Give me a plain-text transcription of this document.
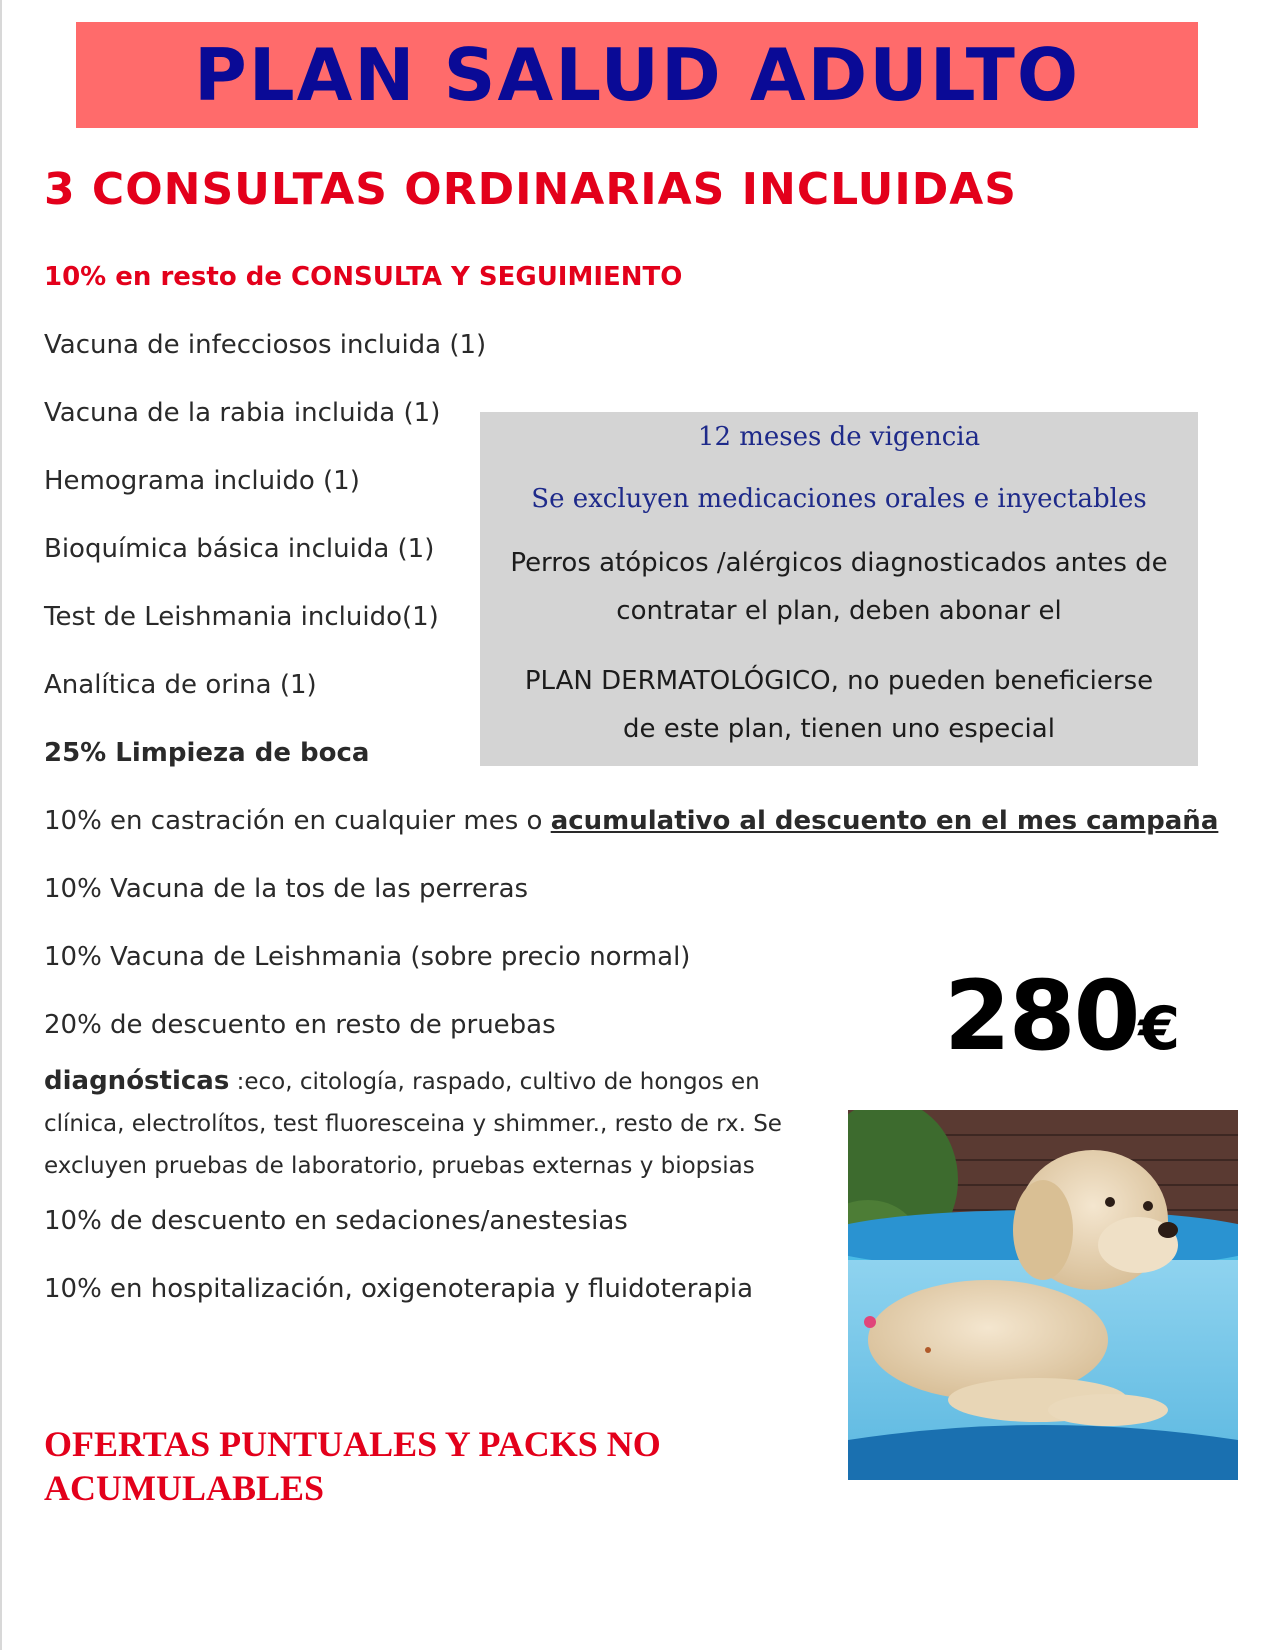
PLAN SALUD ADULTO
3 CONSULTAS ORDINARIAS INCLUIDAS
10% en resto de CONSULTA Y SEGUIMIENTO
Vacuna de infecciosos incluida (1)
Vacuna de la rabia incluida (1)
Hemograma incluido (1)
Bioquímica básica incluida (1)
Test de Leishmania incluido(1)
Analítica de orina (1)
25% Limpieza de boca
10% en castración en cualquier mes o acumulativo al descuento en el mes campaña
10% Vacuna de la tos de las perreras
10% Vacuna de Leishmania (sobre precio normal)
20% de descuento en resto de pruebas
diagnósticas :eco, citología, raspado, cultivo de hongos en clínica, electrolítos, test fluoresceina y shimmer., resto de rx. Se excluyen pruebas de laboratorio, pruebas externas y biopsias
10% de descuento en sedaciones/anestesias
10% en hospitalización, oxigenoterapia y fluidoterapia
12 meses de vigencia
Se excluyen medicaciones orales e inyectables
Perros atópicos /alérgicos diagnosticados antes de
contratar el plan, deben abonar el
PLAN DERMATOLÓGICO, no pueden beneficierse
de este plan, tienen uno especial
280€
OFERTAS PUNTUALES Y PACKS NO ACUMULABLES
